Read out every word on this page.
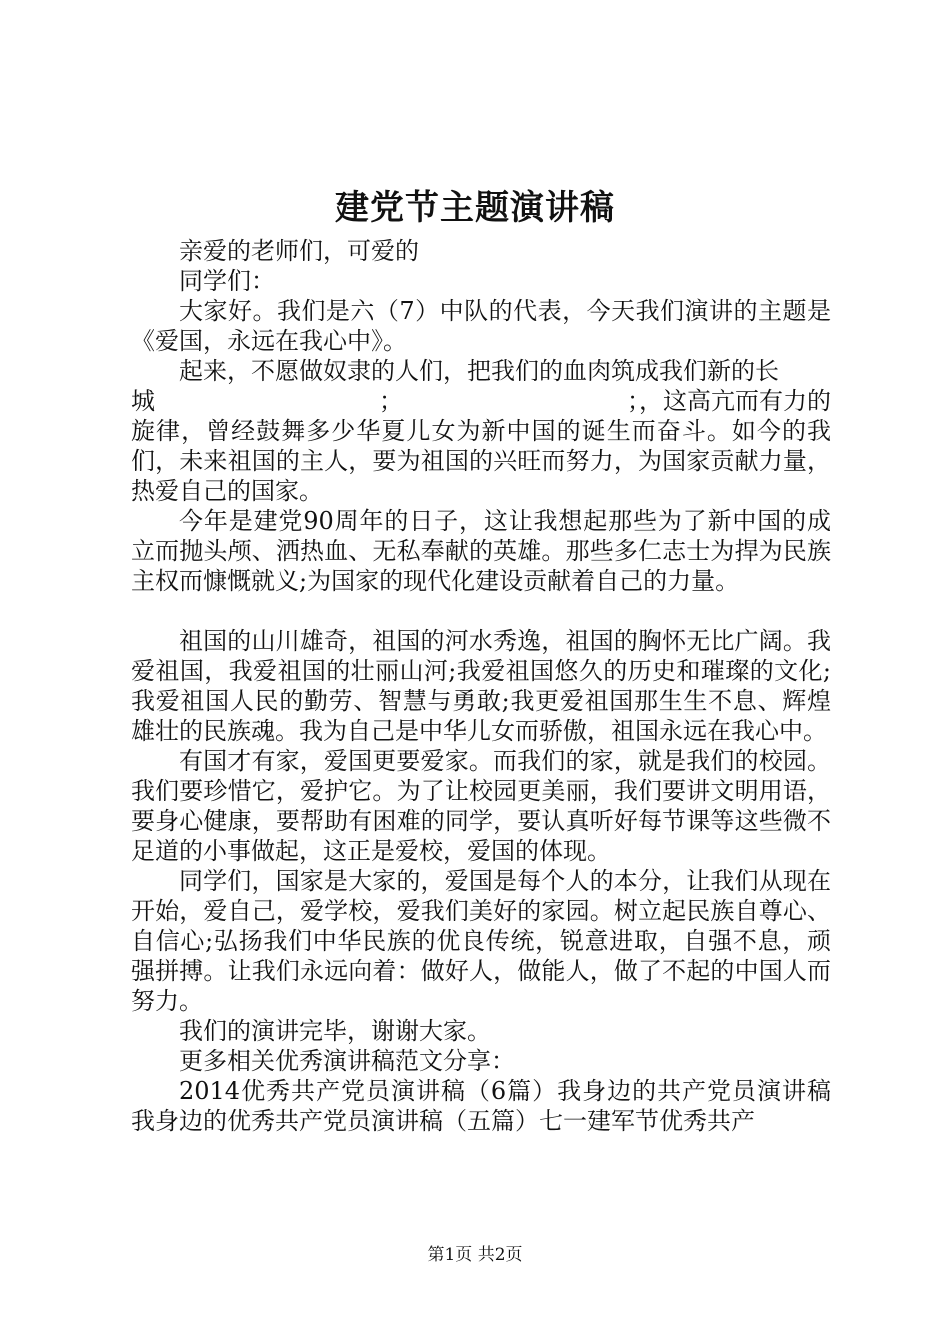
建党节主题演讲稿

亲爱的老师们，可爱的

同学们：

大家好。我们是六（7）中队的代表，今天我们演讲的主题是《爱国，永远在我心中》。

起来，不愿做奴隶的人们，把我们的血肉筑成我们新的长

城	；	；，这高亢而有力的

旋律，曾经鼓舞多少华夏儿女为新中国的诞生而奋斗。如今的我们，未来祖国的主人，要为祖国的兴旺而努力，为国家贡献力量，热爱自己的国家。

今年是建党90周年的日子，这让我想起那些为了新中国的成立而抛头颅、洒热血、无私奉献的英雄。那些多仁志士为捍为民族主权而慷慨就义;为国家的现代化建设贡献着自己的力量。

祖国的山川雄奇，祖国的河水秀逸，祖国的胸怀无比广阔。我爱祖国，我爱祖国的壮丽山河;我爱祖国悠久的历史和璀璨的文化;我爱祖国人民的勤劳、智慧与勇敢;我更爱祖国那生生不息、辉煌雄壮的民族魂。我为自己是中华儿女而骄傲，祖国永远在我心中。

有国才有家，爱国更要爱家。而我们的家，就是我们的校园。我们要珍惜它，爱护它。为了让校园更美丽，我们要讲文明用语，要身心健康，要帮助有困难的同学，要认真听好每节课等这些微不足道的小事做起，这正是爱校，爱国的体现。

同学们，国家是大家的，爱国是每个人的本分，让我们从现在开始，爱自己，爱学校，爱我们美好的家园。树立起民族自尊心、自信心;弘扬我们中华民族的优良传统，锐意进取，自强不息，顽强拼搏。让我们永远向着：做好人，做能人，做了不起的中国人而努力。

我们的演讲完毕，谢谢大家。

更多相关优秀演讲稿范文分享：

2014优秀共产党员演讲稿（6篇）我身边的共产党员演讲稿我身边的优秀共产党员演讲稿（五篇）七一建军节优秀共产

第1页 共2页
